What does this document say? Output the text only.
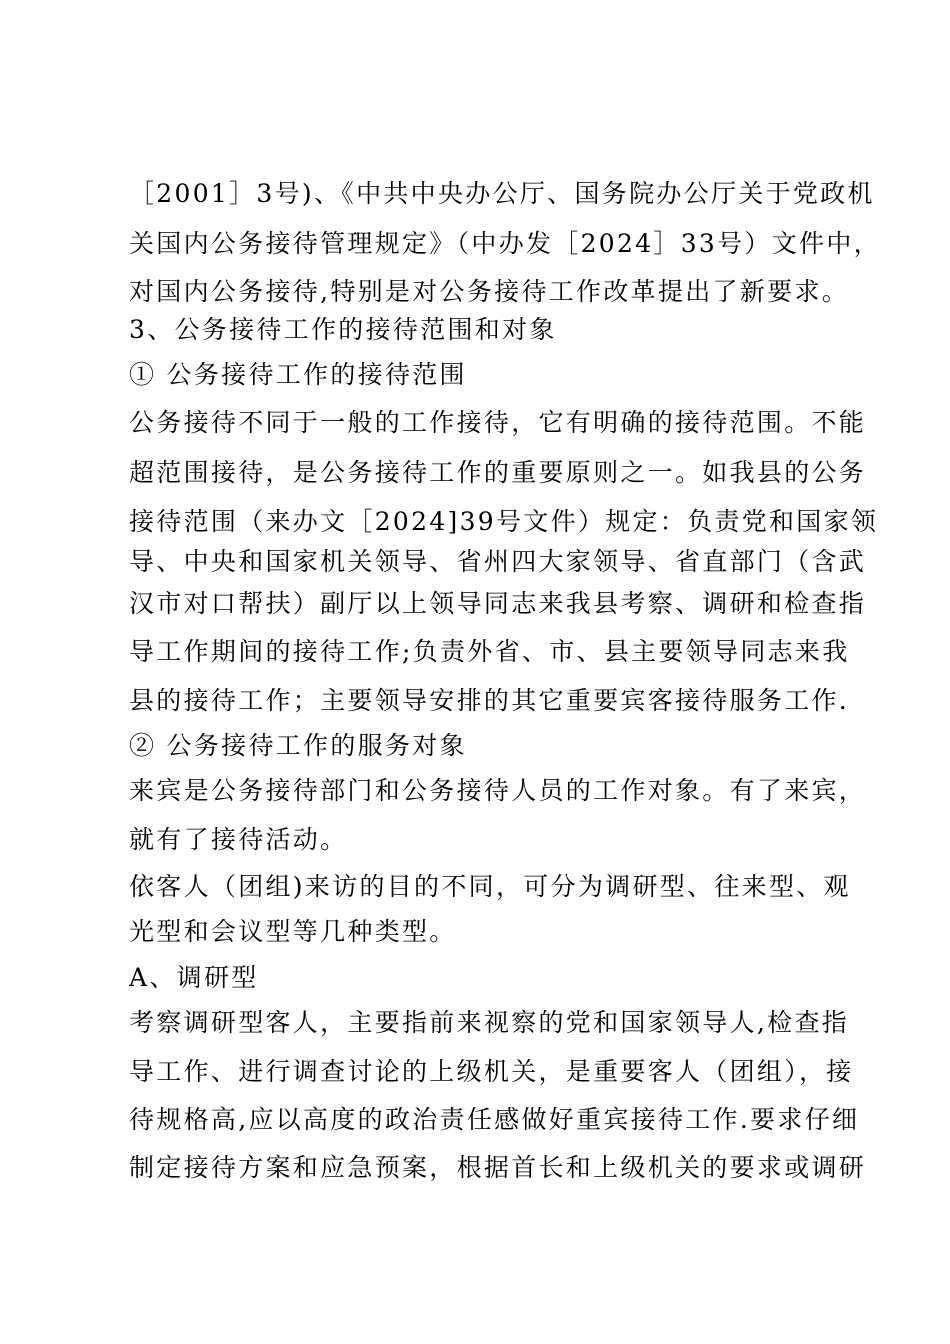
［2001］3号)、《中共中央办公厅、国务院办公厅关于党政机
关国内公务接待管理规定》（中办发［2024］33号）文件中，
对国内公务接待,特别是对公务接待工作改革提出了新要求。
3、公务接待工作的接待范围和对象
① 公务接待工作的接待范围
公务接待不同于一般的工作接待，它有明确的接待范围。不能
超范围接待，是公务接待工作的重要原则之一。如我县的公务
接待范围（来办文［2024]39号文件）规定：负责党和国家领
导、中央和国家机关领导、省州四大家领导、省直部门（含武
汉市对口帮扶）副厅以上领导同志来我县考察、调研和检查指
导工作期间的接待工作;负责外省、市、县主要领导同志来我
县的接待工作；主要领导安排的其它重要宾客接待服务工作.
② 公务接待工作的服务对象
来宾是公务接待部门和公务接待人员的工作对象。有了来宾，
就有了接待活动。
依客人（团组)来访的目的不同，可分为调研型、往来型、观
光型和会议型等几种类型。
A、调研型
考察调研型客人，主要指前来视察的党和国家领导人,检查指
导工作、进行调查讨论的上级机关，是重要客人（团组），接
待规格高,应以高度的政治责任感做好重宾接待工作.要求仔细
制定接待方案和应急预案，根据首长和上级机关的要求或调研
